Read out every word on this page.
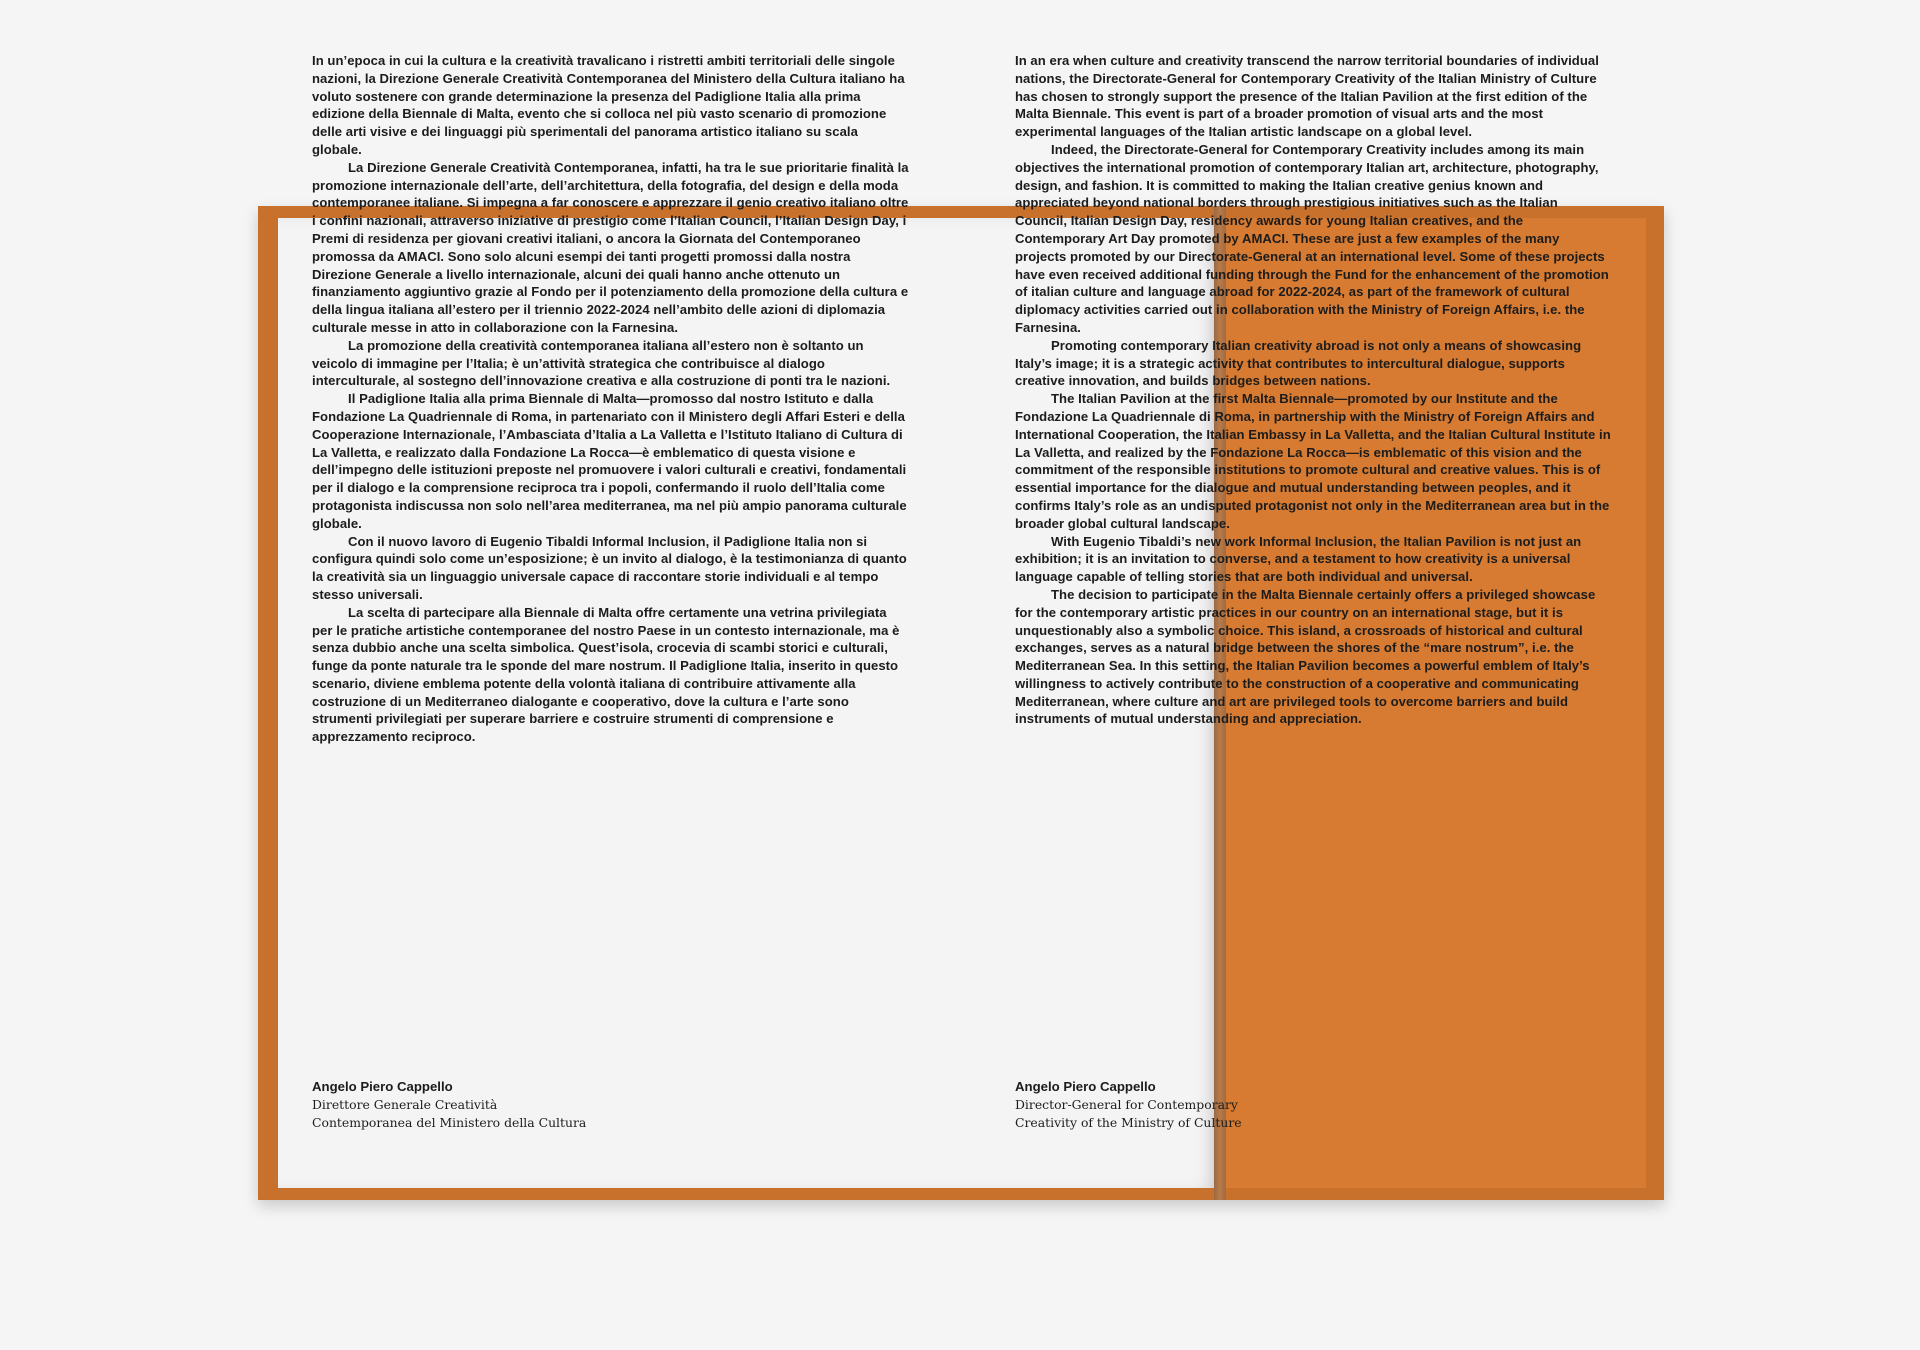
In un’epoca in cui la cultura e la creatività travalicano i ristretti ambiti territoriali delle singole nazioni, la Direzione Generale Creatività Contemporanea del Ministero della Cultura italiano ha voluto sostenere con grande determinazione la presenza del Padiglione Italia alla prima edizione della Biennale di Malta, evento che si colloca nel più vasto scenario di promozione delle arti visive e dei linguaggi più sperimentali del panorama artistico italiano su scala globale.

La Direzione Generale Creatività Contemporanea, infatti, ha tra le sue prioritarie finalità la promozione internazionale dell’arte, dell’architettura, della fotografia, del design e della moda contemporanee italiane. Si impegna a far conoscere e apprezzare il genio creativo italiano oltre i confini nazionali, attraverso iniziative di prestigio come l’Italian Council, l’Italian Design Day, i Premi di residenza per giovani creativi italiani, o ancora la Giornata del Contemporaneo promossa da AMACI. Sono solo alcuni esempi dei tanti progetti promossi dalla nostra Direzione Generale a livello internazionale, alcuni dei quali hanno anche ottenuto un finanziamento aggiuntivo grazie al Fondo per il potenziamento della promozione della cultura e della lingua italiana all’estero per il triennio 2022-2024 nell’ambito delle azioni di diplomazia culturale messe in atto in collaborazione con la Farnesina.

La promozione della creatività contemporanea italiana all’estero non è soltanto un veicolo di immagine per l’Italia; è un’attività strategica che contribuisce al dialogo interculturale, al sostegno dell’innovazione creativa e alla costruzione di ponti tra le nazioni.

Il Padiglione Italia alla prima Biennale di Malta—promosso dal nostro Istituto e dalla Fondazione La Quadriennale di Roma, in partenariato con il Ministero degli Affari Esteri e della Cooperazione Internazionale, l’Ambasciata d’Italia a La Valletta e l’Istituto Italiano di Cultura di La Valletta, e realizzato dalla Fondazione La Rocca—è emblematico di questa visione e dell’impegno delle istituzioni preposte nel promuovere i valori culturali e creativi, fondamentali per il dialogo e la comprensione reciproca tra i popoli, confermando il ruolo dell’Italia come protagonista indiscussa non solo nell’area mediterranea, ma nel più ampio panorama culturale globale.

Con il nuovo lavoro di Eugenio Tibaldi Informal Inclusion, il Padiglione Italia non si configura quindi solo come un’esposizione; è un invito al dialogo, è la testimonianza di quanto la creatività sia un linguaggio universale capace di raccontare storie individuali e al tempo stesso universali.

La scelta di partecipare alla Biennale di Malta offre certamente una vetrina privilegiata per le pratiche artistiche contemporanee del nostro Paese in un contesto internazionale, ma è senza dubbio anche una scelta simbolica. Quest’isola, crocevia di scambi storici e culturali, funge da ponte naturale tra le sponde del mare nostrum. Il Padiglione Italia, inserito in questo scenario, diviene emblema potente della volontà italiana di contribuire attivamente alla costruzione di un Mediterraneo dialogante e cooperativo, dove la cultura e l’arte sono strumenti privilegiati per superare barriere e costruire strumenti di comprensione e apprezzamento reciproco.

Angelo Piero Cappello
Direttore Generale Creatività
Contemporanea del Ministero della Cultura

In an era when culture and creativity transcend the narrow territorial boundaries of individual nations, the Directorate-General for Contemporary Creativity of the Italian Ministry of Culture has chosen to strongly support the presence of the Italian Pavilion at the first edition of the Malta Biennale. This event is part of a broader promotion of visual arts and the most experimental languages of the Italian artistic landscape on a global level.

Indeed, the Directorate-General for Contemporary Creativity includes among its main objectives the international promotion of contemporary Italian art, architecture, photography, design, and fashion. It is committed to making the Italian creative genius known and appreciated beyond national borders through prestigious initiatives such as the Italian Council, Italian Design Day, residency awards for young Italian creatives, and the Contemporary Art Day promoted by AMACI. These are just a few examples of the many projects promoted by our Directorate-General at an international level. Some of these projects have even received additional funding through the Fund for the enhancement of the promotion of italian culture and language abroad for 2022-2024, as part of the framework of cultural diplomacy activities carried out in collaboration with the Ministry of Foreign Affairs, i.e. the Farnesina.

Promoting contemporary Italian creativity abroad is not only a means of showcasing Italy’s image; it is a strategic activity that contributes to intercultural dialogue, supports creative innovation, and builds bridges between nations.

The Italian Pavilion at the first Malta Biennale—promoted by our Institute and the Fondazione La Quadriennale di Roma, in partnership with the Ministry of Foreign Affairs and International Cooperation, the Italian Embassy in La Valletta, and the Italian Cultural Institute in La Valletta, and realized by the Fondazione La Rocca—is emblematic of this vision and the commitment of the responsible institutions to promote cultural and creative values. This is of essential importance for the dialogue and mutual understanding between peoples, and it confirms Italy’s role as an undisputed protagonist not only in the Mediterranean area but in the broader global cultural landscape.

With Eugenio Tibaldi’s new work Informal Inclusion, the Italian Pavilion is not just an exhibition; it is an invitation to converse, and a testament to how creativity is a universal language capable of telling stories that are both individual and universal.

The decision to participate in the Malta Biennale certainly offers a privileged showcase for the contemporary artistic practices in our country on an international stage, but it is unquestionably also a symbolic choice. This island, a crossroads of historical and cultural exchanges, serves as a natural bridge between the shores of the “mare nostrum”, i.e. the Mediterranean Sea. In this setting, the Italian Pavilion becomes a powerful emblem of Italy’s willingness to actively contribute to the construction of a cooperative and communicating Mediterranean, where culture and art are privileged tools to overcome barriers and build instruments of mutual understanding and appreciation.

Angelo Piero Cappello
Director-General for Contemporary
Creativity of the Ministry of Culture
